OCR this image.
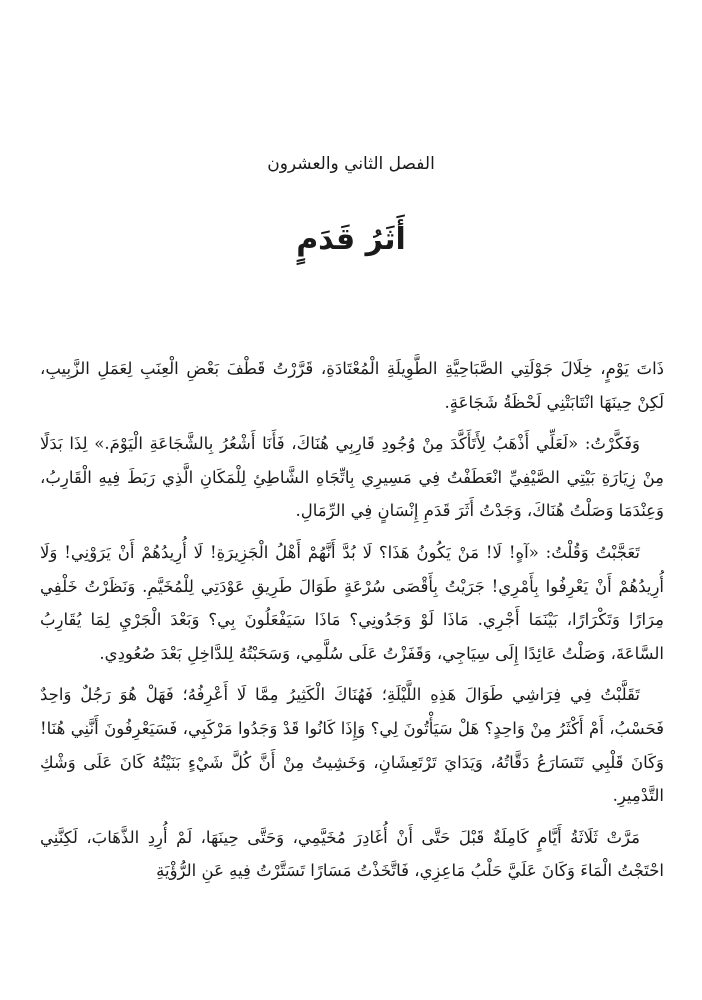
الفصل الثاني والعشرون
أَثَرُ قَدَمٍ

ذَاتَ يَوْمٍ، خِلَالَ جَوْلَتِي الصَّبَاحِيَّةِ الطَّوِيلَةِ الْمُعْتَادَةِ، قَرَّرْتُ قَطْفَ بَعْضِ الْعِنَبِ لِعَمَلِ الزَّبِيبِ، لَكِنْ حِينَهَا انْتَابَتْنِي لَحْظَةُ شَجَاعَةٍ.

وَفَكَّرْتُ: «لَعَلِّي أَذْهَبُ لِأَتَأَكَّدَ مِنْ وُجُودِ قَارِبِي هُنَاكَ، فَأَنَا أَشْعُرُ بِالشَّجَاعَةِ الْيَوْمَ.» لِذَا بَدَلًا مِنْ زِيَارَةِ بَيْتِي الصَّيْفِيِّ انْعَطَفْتُ فِي مَسِيرِي بِاتِّجَاهِ الشَّاطِئِ لِلْمَكَانِ الَّذِي رَبَطَ فِيهِ الْقَارِبُ، وَعِنْدَمَا وَصَلْتُ هُنَاكَ، وَجَدْتُ أَثَرَ قَدَمِ إِنْسَانٍ فِي الرِّمَالِ.

تَعَجَّبْتُ وَقُلْتُ: «آهٍ! لَا! مَنْ يَكُونُ هَذَا؟ لَا بُدَّ أَنَّهُمْ أَهْلُ الْجَزِيرَةِ! لَا أُرِيدُهُمْ أَنْ يَرَوْنِي! وَلَا أُرِيدُهُمْ أَنْ يَعْرِفُوا بِأَمْرِي! جَرَيْتُ بِأَقْصَى سُرْعَةٍ طَوَالَ طَرِيقِ عَوْدَتِي لِلْمُخَيَّمِ. وَنَظَرْتُ خَلْفِي مِرَارًا وَتَكْرَارًا، بَيْنَمَا أَجْرِي. مَاذَا لَوْ وَجَدُونِي؟ مَاذَا سَيَفْعَلُونَ بِي؟ وَبَعْدَ الْجَرْيِ لِمَا يُقَارِبُ السَّاعَةَ، وَصَلْتُ عَائِدًا إِلَى سِيَاجِي، وَقَفَزْتُ عَلَى سُلَّمِي، وَسَحَبْتُهُ لِلدَّاخِلِ بَعْدَ صُعُودِي.

تَقَلَّبْتُ فِي فِرَاشِي طَوَالَ هَذِهِ اللَّيْلَةِ؛ فَهُنَاكَ الْكَثِيرُ مِمَّا لَا أَعْرِفُهُ؛ فَهَلْ هُوَ رَجُلٌ وَاحِدٌ فَحَسْبُ، أَمْ أَكْثَرُ مِنْ وَاحِدٍ؟ هَلْ سَيَأْتُونَ لِي؟ وَإِذَا كَانُوا قَدْ وَجَدُوا مَرْكَبِي، فَسَيَعْرِفُونَ أَنَّنِي هُنَا! وَكَانَ قَلْبِي تَتَسَارَعُ دَقَّاتُهُ، وَيَدَايَ تَرْتَعِشَانِ، وَخَشِيتُ مِنْ أَنَّ كُلَّ شَيْءٍ بَنَيْتُهُ كَانَ عَلَى وَشْكِ التَّدْمِيرِ.

مَرَّتْ ثَلَاثَةُ أَيَّامٍ كَامِلَةٌ قَبْلَ حَتَّى أَنْ أُغَادِرَ مُخَيَّمِي، وَحَتَّى حِينَهَا، لَمْ أُرِدِ الذَّهَابَ، لَكِنَّنِي احْتَجْتُ الْمَاءَ وَكَانَ عَلَيَّ حَلْبُ مَاعِزِي، فَاتَّخَذْتُ مَسَارًا تَسَتَّرْتُ فِيهِ عَنِ الرُّؤْيَةِ
